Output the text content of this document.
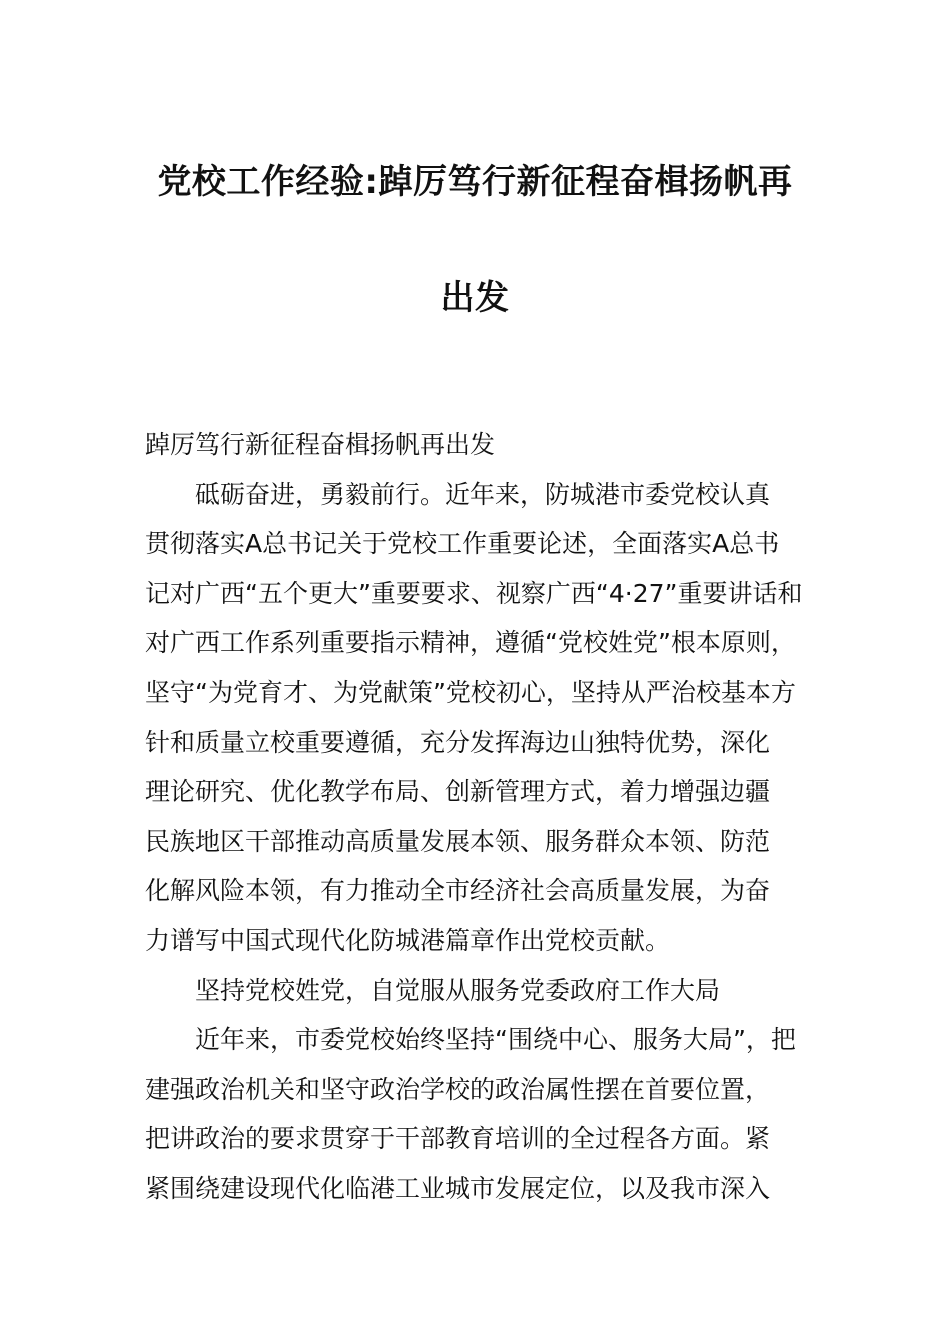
党校工作经验:踔厉笃行新征程奋楫扬帆再
出发

踔厉笃行新征程奋楫扬帆再出发

砥砺奋进，勇毅前行。近年来，防城港市委党校认真
贯彻落实A总书记关于党校工作重要论述，全面落实A总书
记对广西“五个更大”重要要求、视察广西“4·27”重要讲话和
对广西工作系列重要指示精神，遵循“党校姓党”根本原则，
坚守“为党育才、为党献策”党校初心，坚持从严治校基本方
针和质量立校重要遵循，充分发挥海边山独特优势，深化
理论研究、优化教学布局、创新管理方式，着力增强边疆
民族地区干部推动高质量发展本领、服务群众本领、防范
化解风险本领，有力推动全市经济社会高质量发展，为奋
力谱写中国式现代化防城港篇章作出党校贡献。
坚持党校姓党，自觉服从服务党委政府工作大局
近年来，市委党校始终坚持“围绕中心、服务大局”，把
建强政治机关和坚守政治学校的政治属性摆在首要位置，
把讲政治的要求贯穿于干部教育培训的全过程各方面。紧
紧围绕建设现代化临港工业城市发展定位，以及我市深入
